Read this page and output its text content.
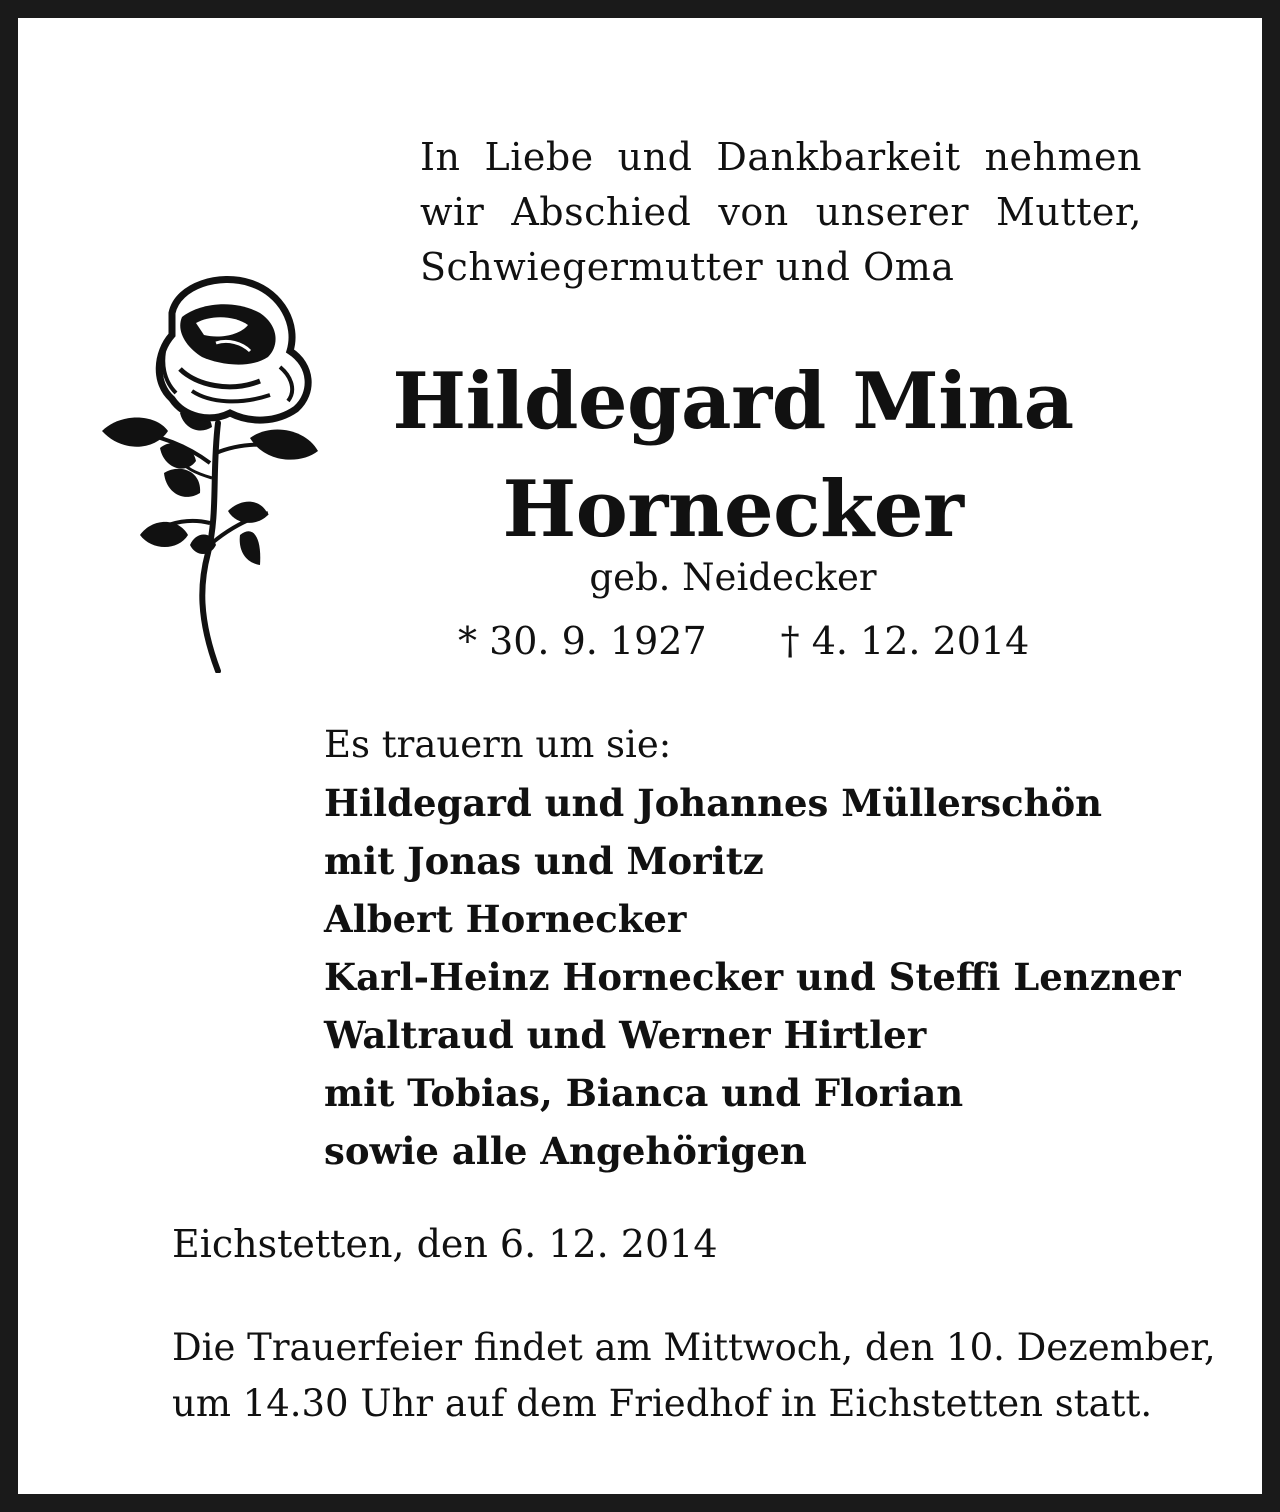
In Liebe und Dankbarkeit nehmen
wir Abschied von unserer Mutter,
Schwiegermutter und Oma
Hildegard Mina
Hornecker
geb. Neidecker
* 30. 9. 1927 † 4. 12. 2014
Es trauern um sie:
Hildegard und Johannes Müllerschön
mit Jonas und Moritz
Albert Hornecker
Karl-Heinz Hornecker und Steffi Lenzner
Waltraud und Werner Hirtler
mit Tobias, Bianca und Florian
sowie alle Angehörigen
Eichstetten, den 6. 12. 2014
Die Trauerfeier findet am Mittwoch, den 10. Dezember,
um 14.30 Uhr auf dem Friedhof in Eichstetten statt.
